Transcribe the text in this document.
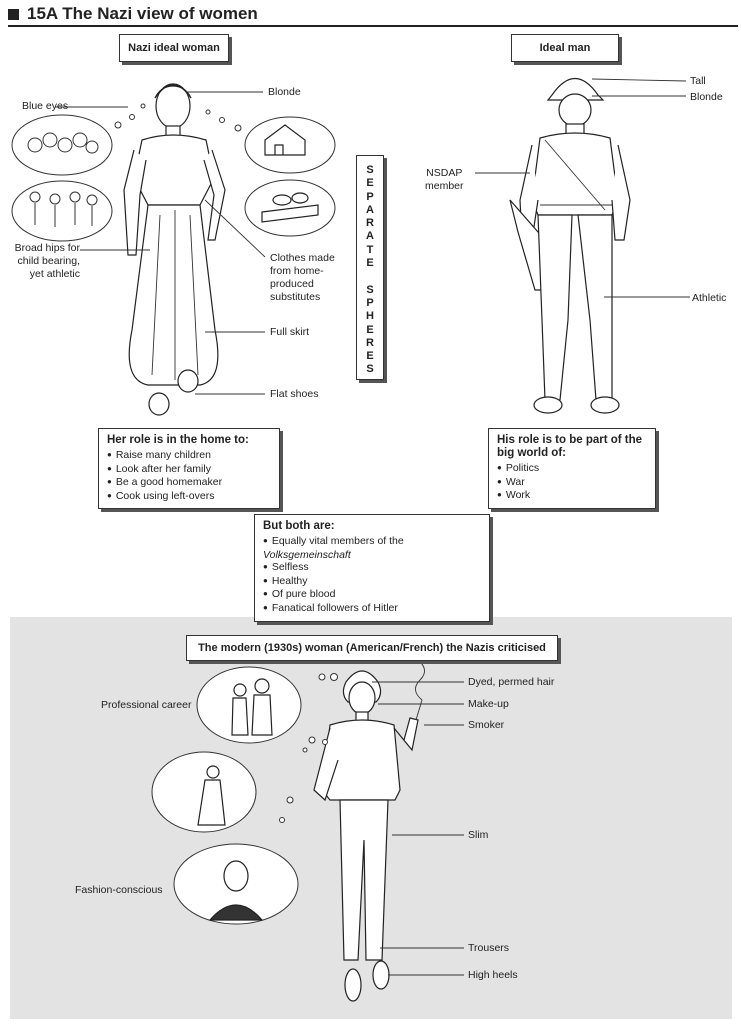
15A The Nazi view of women
Nazi ideal woman
Blue eyes
Blonde
Broad hips for
child bearing,
yet athletic
Clothes made
from home-
produced
substitutes
Full skirt
Flat shoes
S
E
P
A
R
A
T
E
S
P
H
E
R
E
S
Ideal man
Tall
Blonde
NSDAP
member
Athletic
Her role is in the home to:
● Raise many children
● Look after her family
● Be a good homemaker
● Cook using left-overs
His role is to be part of the
big world of:
● Politics
● War
● Work
But both are:
● Equally vital members of the Volksgemeinschaft
● Selfless
● Healthy
● Of pure blood
● Fanatical followers of Hitler
The modern (1930s) woman (American/French) the Nazis criticised
Professional career
Fashion-conscious
Dyed, permed hair
Make-up
Smoker
Slim
Trousers
High heels
